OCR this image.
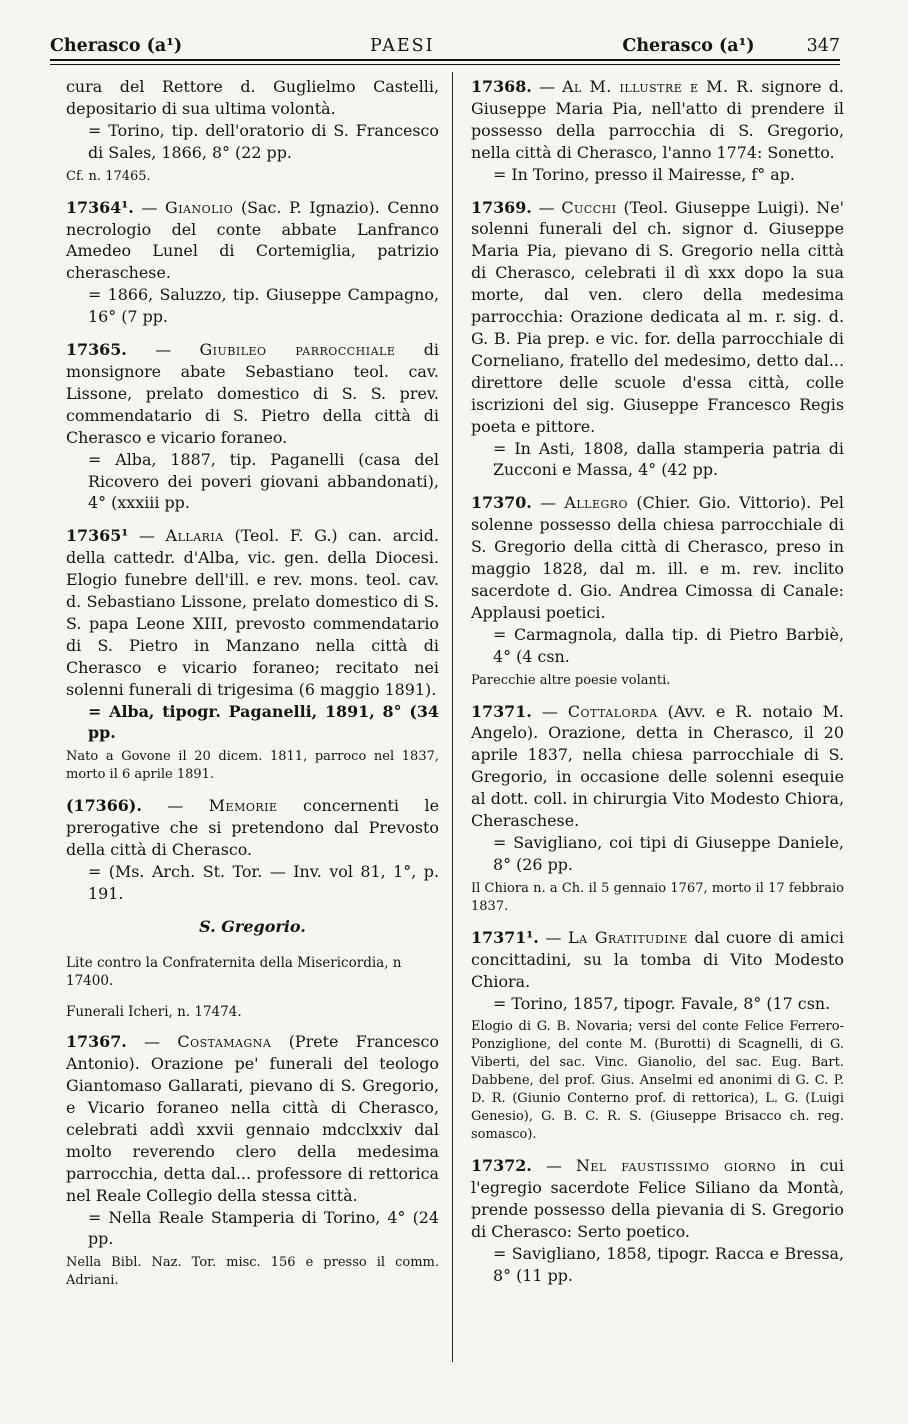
Cherasco (a¹)	PAESI	Cherasco (a¹)	347

cura del Rettore d. Guglielmo Castelli, depositario di sua ultima volontà.

= Torino, tip. dell'oratorio di S. Francesco di Sales, 1866, 8° (22 pp.

Cf. n. 17465.

17364¹. — Gianolio (Sac. P. Ignazio). Cenno necrologio del conte abbate Lanfranco Amedeo Lunel di Cortemiglia, patrizio cheraschese.

= 1866, Saluzzo, tip. Giuseppe Campagno, 16° (7 pp.

17365. — Giubileo parrocchiale di monsignore abate Sebastiano teol. cav. Lissone, prelato domestico di S. S. prev. commendatario di S. Pietro della città di Cherasco e vicario foraneo.

= Alba, 1887, tip. Paganelli (casa del Ricovero dei poveri giovani abbandonati), 4° (xxxiii pp.

17365¹ — Allaria (Teol. F. G.) can. arcid. della cattedr. d'Alba, vic. gen. della Diocesi. Elogio funebre dell'ill. e rev. mons. teol. cav. d. Sebastiano Lissone, prelato domestico di S. S. papa Leone XIII, prevosto commendatario di S. Pietro in Manzano nella città di Cherasco e vicario foraneo; recitato nei solenni funerali di trigesima (6 maggio 1891).

= Alba, tipogr. Paganelli, 1891, 8° (34 pp.

Nato a Govone il 20 dicem. 1811, parroco nel 1837, morto il 6 aprile 1891.

(17366). — Memorie concernenti le prerogative che si pretendono dal Prevosto della città di Cherasco.

= (Ms. Arch. St. Tor. — Inv. vol 81, 1°, p. 191.

S. Gregorio.

Lite contro la Confraternita della Misericordia, n 17400.

Funerali Icheri, n. 17474.

17367. — Costamagna (Prete Francesco Antonio). Orazione pe' funerali del teologo Giantomaso Gallarati, pievano di S. Gregorio, e Vicario foraneo nella città di Cherasco, celebrati addì xxvii gennaio mdcclxxiv dal molto reverendo clero della medesima parrocchia, detta dal... professore di rettorica nel Reale Collegio della stessa città.

= Nella Reale Stamperia di Torino, 4° (24 pp.

Nella Bibl. Naz. Tor. misc. 156 e presso il comm. Adriani.

17368. — Al M. illustre e M. R. signore d. Giuseppe Maria Pia, nell'atto di prendere il possesso della parrocchia di S. Gregorio, nella città di Cherasco, l'anno 1774: Sonetto.

= In Torino, presso il Mairesse, f° ap.

17369. — Cucchi (Teol. Giuseppe Luigi). Ne' solenni funerali del ch. signor d. Giuseppe Maria Pia, pievano di S. Gregorio nella città di Cherasco, celebrati il dì xxx dopo la sua morte, dal ven. clero della medesima parrocchia: Orazione dedicata al m. r. sig. d. G. B. Pia prep. e vic. for. della parrocchiale di Corneliano, fratello del medesimo, detto dal... direttore delle scuole d'essa città, colle iscrizioni del sig. Giuseppe Francesco Regis poeta e pittore.

= In Asti, 1808, dalla stamperia patria di Zucconi e Massa, 4° (42 pp.

17370. — Allegro (Chier. Gio. Vittorio). Pel solenne possesso della chiesa parrocchiale di S. Gregorio della città di Cherasco, preso in maggio 1828, dal m. ill. e m. rev. inclito sacerdote d. Gio. Andrea Cimossa di Canale: Applausi poetici.

= Carmagnola, dalla tip. di Pietro Barbiè, 4° (4 csn.

Parecchie altre poesie volanti.

17371. — Cottalorda (Avv. e R. notaio M. Angelo). Orazione, detta in Cherasco, il 20 aprile 1837, nella chiesa parrocchiale di S. Gregorio, in occasione delle solenni esequie al dott. coll. in chirurgia Vito Modesto Chiora, Cheraschese.

= Savigliano, coi tipi di Giuseppe Daniele, 8° (26 pp.

Il Chiora n. a Ch. il 5 gennaio 1767, morto il 17 febbraio 1837.

17371¹. — La Gratitudine dal cuore di amici concittadini, su la tomba di Vito Modesto Chiora.

= Torino, 1857, tipogr. Favale, 8° (17 csn.

Elogio di G. B. Novaria; versi del conte Felice Ferrero-Ponziglione, del conte M. (Burotti) di Scagnelli, di G. Viberti, del sac. Vinc. Gianolio, del sac. Eug. Bart. Dabbene, del prof. Gius. Anselmi ed anonimi di G. C. P. D. R. (Giunio Conterno prof. di rettorica), L. G. (Luigi Genesio), G. B. C. R. S. (Giuseppe Brisacco ch. reg. somasco).

17372. — Nel faustissimo giorno in cui l'egregio sacerdote Felice Siliano da Montà, prende possesso della pievania di S. Gregorio di Cherasco: Serto poetico.

= Savigliano, 1858, tipogr. Racca e Bressa, 8° (11 pp.
